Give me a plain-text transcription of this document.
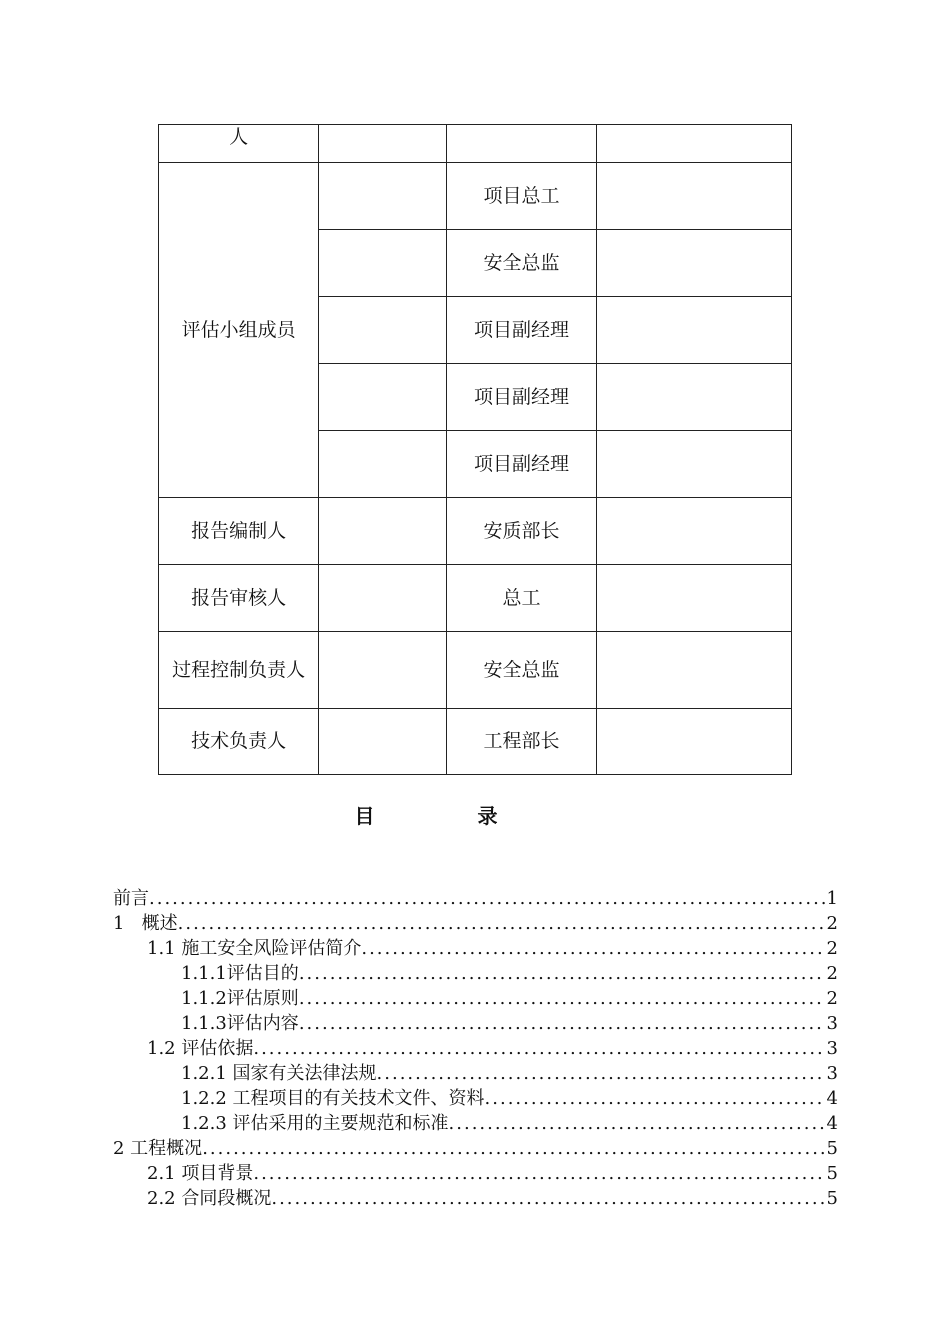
人			
评估小组成员		项目总工	
		安全总监	
		项目副经理	
		项目副经理	
		项目副经理	
报告编制人		安质部长	
报告审核人		总工	
过程控制负责人		安全总监	
技术负责人		工程部长	
目 录
前言 .....	1
1   概述 .....	2
1.1 施工安全风险评估简介 .....	2
1.1.1评估目的 .....	2
1.1.2评估原则 .....	2
1.1.3评估内容 .....	3
1.2 评估依据 .....	3
1.2.1 国家有关法律法规 .....	3
1.2.2 工程项目的有关技术文件、资料 .....	4
1.2.3 评估采用的主要规范和标准 .....	4
2 工程概况 .....	5
2.1 项目背景 .....	5
2.2 合同段概况 .....	5
